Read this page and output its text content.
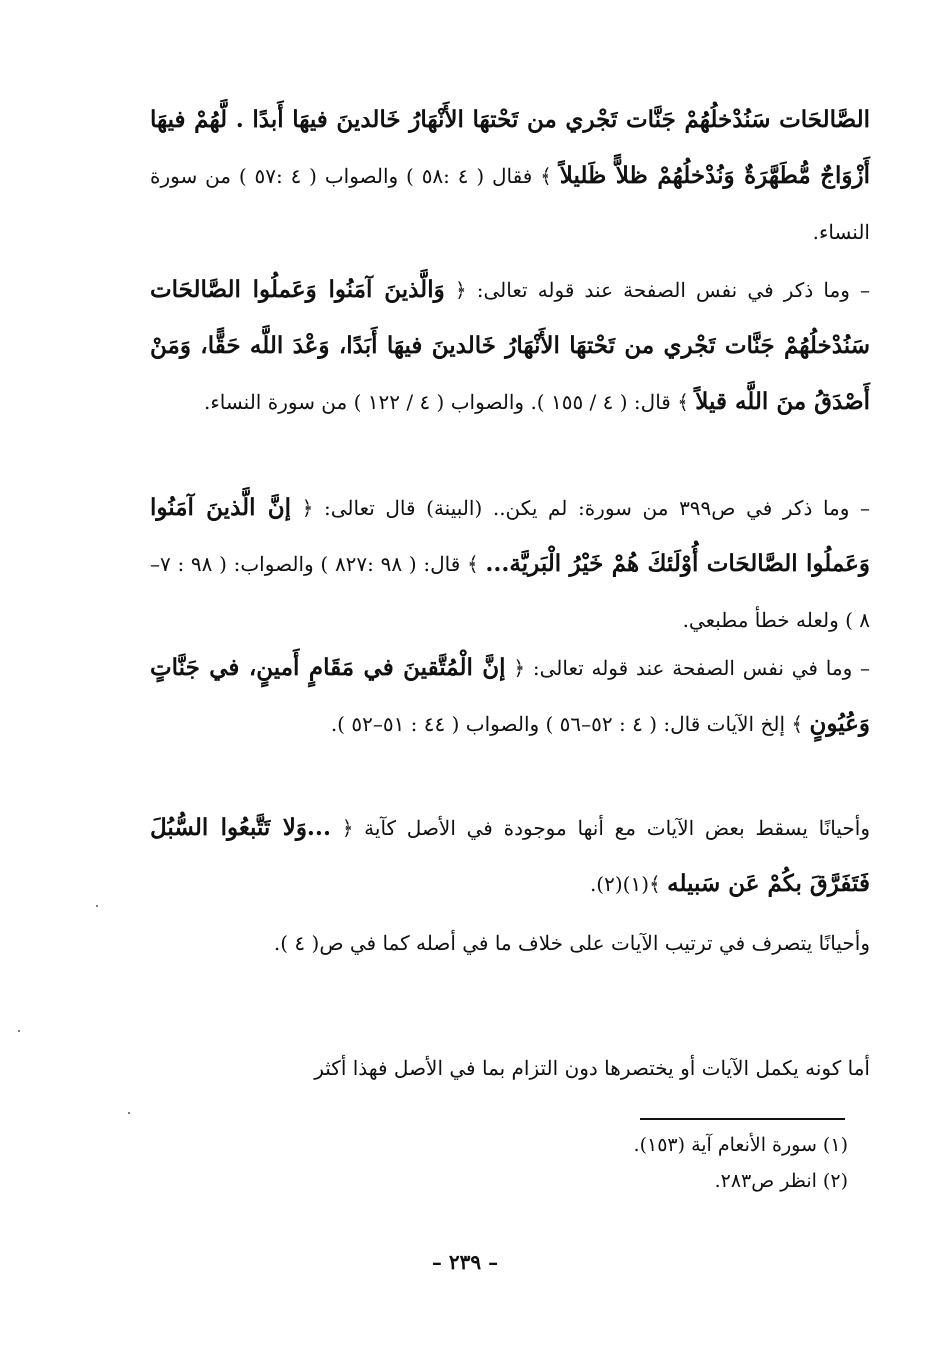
الصَّالحَات سَنُدْخلُهُمْ جَنَّات تَجْري من تَحْتهَا الأَنْهَارُ خَالدينَ فيهَا أَبدًا . لَّهُمْ فيهَا أَزْوَاجٌ مُّطَهَّرَةٌ وَنُدْخلُهُمْ ظلاًّ ظَليلاً ﴾ فقال ( ٤ :٥٨ ) والصواب ( ٤ :٥٧ ) من سورة النساء.
– وما ذكر في نفس الصفحة عند قوله تعالى: ﴿ وَالَّذينَ آمَنُوا وَعَملُوا الصَّالحَات سَنُدْخلُهُمْ جَنَّات تَجْري من تَحْتهَا الأَنْهَارُ خَالدينَ فيهَا أَبَدًا، وَعْدَ اللَّه حَقًّا، وَمَنْ أَصْدَقُ منَ اللَّه قيلاً ﴾ قال: ( ٤ / ١٥٥ ). والصواب ( ٤ / ١٢٢ ) من سورة النساء.
– وما ذكر في ص٣٩٩ من سورة: لم يكن.. (البينة) قال تعالى: ﴿ إنَّ الَّذينَ آمَنُوا وَعَملُوا الصَّالحَات أُوْلَئكَ هُمْ خَيْرُ الْبَريَّة... ﴾ قال: ( ٩٨ :٨٢٧ ) والصواب: ( ٩٨ : ٧–٨ ) ولعله خطأ مطبعي.
– وما في نفس الصفحة عند قوله تعالى: ﴿ إنَّ الْمُتَّقينَ في مَقَامٍ أَمينٍ، في جَنَّاتٍ وَعُيُونٍ ﴾ إلخ الآيات قال: ( ٤ : ٥٢–٥٦ ) والصواب ( ٤٤ : ٥١–٥٢ ).
وأحيانًا يسقط بعض الآيات مع أنها موجودة في الأصل كآية ﴿ ...وَلا تَتَّبعُوا السُّبُلَ فَتَفَرَّقَ بكُمْ عَن سَبيله ﴾(١)(٢).
وأحيانًا يتصرف في ترتيب الآيات على خلاف ما في أصله كما في ص( ٤ ).
أما كونه يكمل الآيات أو يختصرها دون التزام بما في الأصل فهذا أكثر
(١) سورة الأنعام آية (١٥٣).
(٢) انظر ص٢٨٣.
– ٢٣٩ –
